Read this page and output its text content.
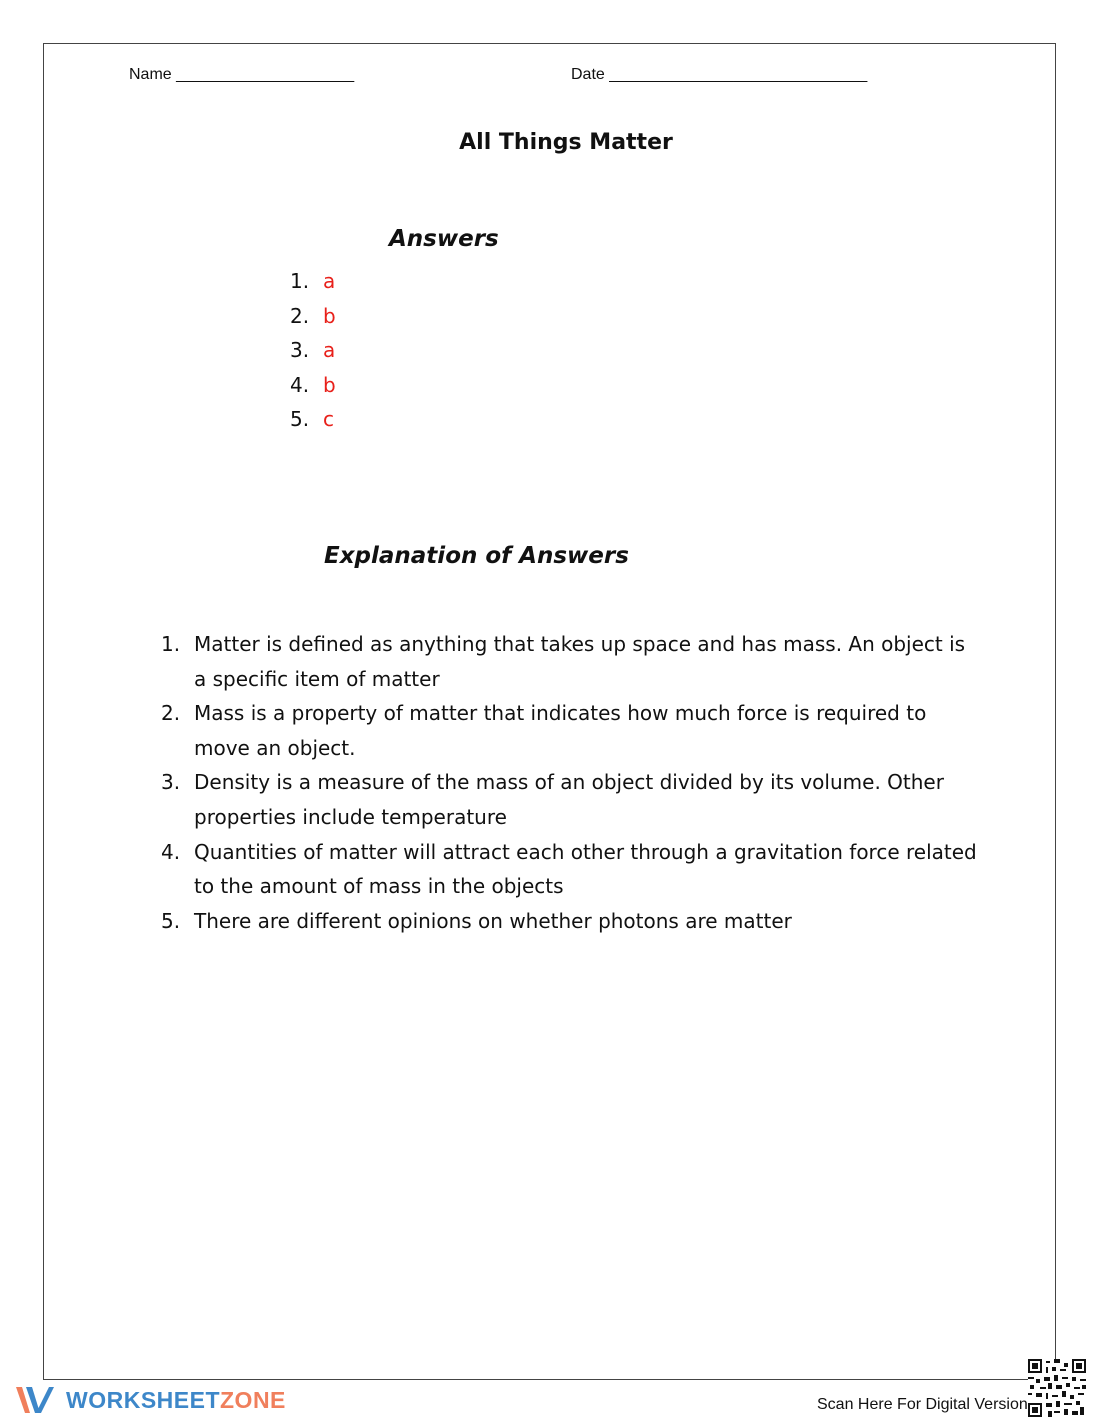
Name ____________________	Date _____________________________
All Things Matter
Answers
1. a
2. b
3. a
4. b
5. c
Explanation of Answers
1. Matter is defined as anything that takes up space and has mass. An object is a specific item of matter
2. Mass is a property of matter that indicates how much force is required to move an object.
3. Density is a measure of the mass of an object divided by its volume. Other properties include temperature
4. Quantities of matter will attract each other through a gravitation force related to the amount of mass in the objects
5. There are different opinions on whether photons are matter
WORKSHEETZONE	Scan Here For Digital Version
